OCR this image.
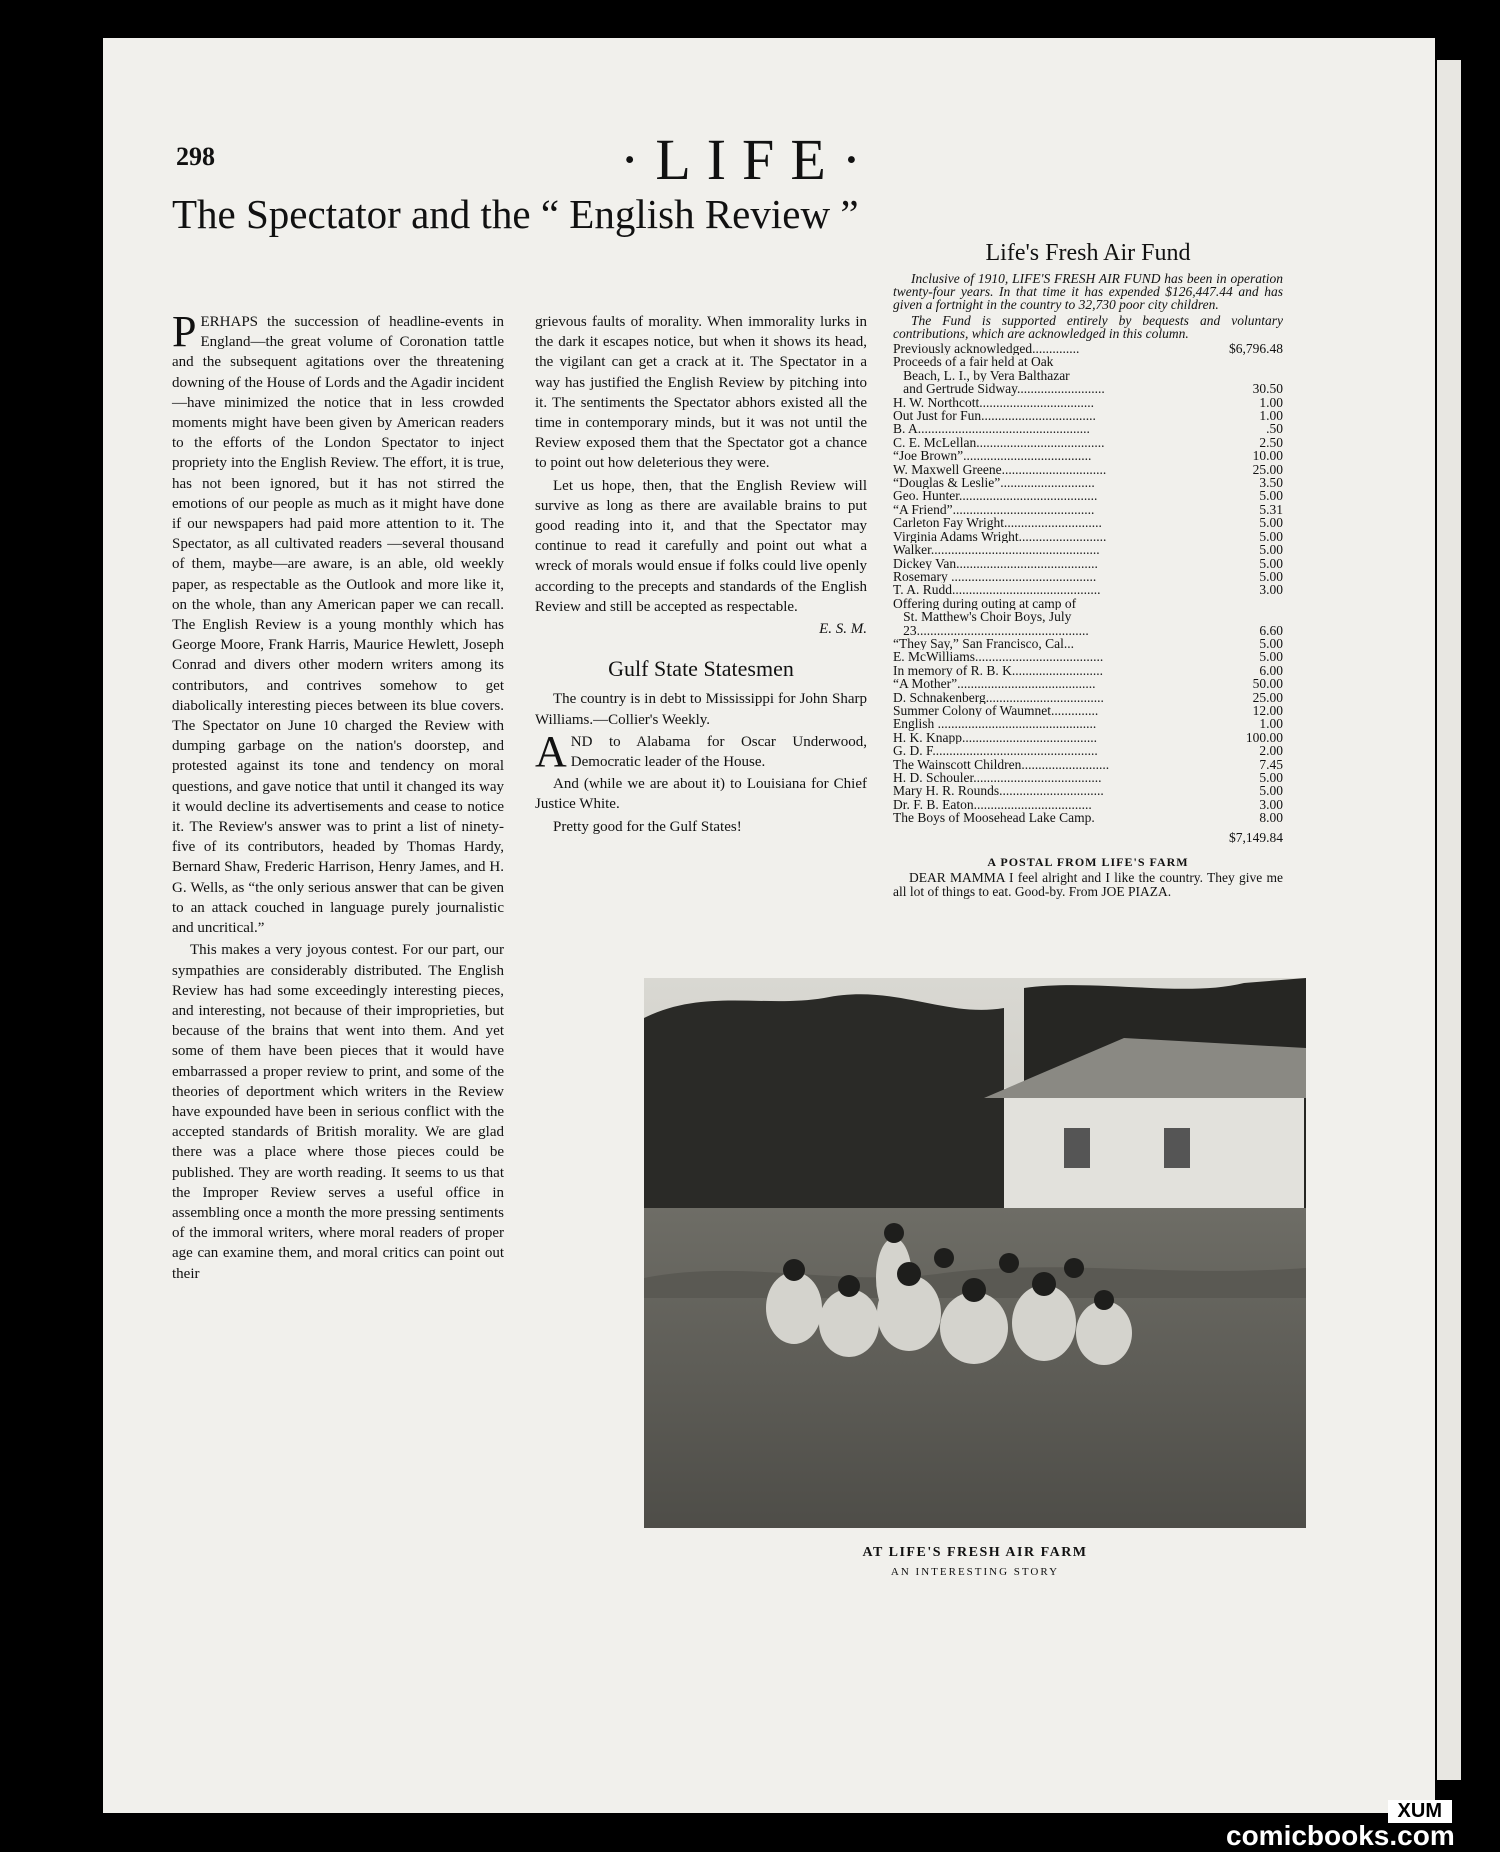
298	·LIFE·
The Spectator and the “ English Review ”

PERHAPS the succession of headline-events in England—the great volume of Coronation tattle and the subsequent agitations over the threatening downing of the House of Lords and the Agadir incident—have minimized the notice that in less crowded moments might have been given by American readers to the efforts of the London Spectator to inject propriety into the English Review. The effort, it is true, has not been ignored, but it has not stirred the emotions of our people as much as it might have done if our newspapers had paid more attention to it. The Spectator, as all cultivated readers —several thousand of them, maybe—are aware, is an able, old weekly paper, as respectable as the Outlook and more like it, on the whole, than any American paper we can recall. The English Review is a young monthly which has George Moore, Frank Harris, Maurice Hewlett, Joseph Conrad and divers other modern writers among its contributors, and contrives somehow to get diabolically interesting pieces between its blue covers. The Spectator on June 10 charged the Review with dumping garbage on the nation's doorstep, and protested against its tone and tendency on moral questions, and gave notice that until it changed its way it would decline its advertisements and cease to notice it. The Review's answer was to print a list of ninety-five of its contributors, headed by Thomas Hardy, Bernard Shaw, Frederic Harrison, Henry James, and H. G. Wells, as “the only serious answer that can be given to an attack couched in language purely journalistic and uncritical.”

This makes a very joyous contest. For our part, our sympathies are considerably distributed. The English Review has had some exceedingly interesting pieces, and interesting, not because of their improprieties, but because of the brains that went into them. And yet some of them have been pieces that it would have embarrassed a proper review to print, and some of the theories of deportment which writers in the Review have expounded have been in serious conflict with the accepted standards of British morality. We are glad there was a place where those pieces could be published. They are worth reading. It seems to us that the Improper Review serves a useful office in assembling once a month the more pressing sentiments of the immoral writers, where moral readers of proper age can examine them, and moral critics can point out their

grievous faults of morality. When immorality lurks in the dark it escapes notice, but when it shows its head, the vigilant can get a crack at it. The Spectator in a way has justified the English Review by pitching into it. The sentiments the Spectator abhors existed all the time in contemporary minds, but it was not until the Review exposed them that the Spectator got a chance to point out how deleterious they were.

Let us hope, then, that the English Review will survive as long as there are available brains to put good reading into it, and that the Spectator may continue to read it carefully and point out what a wreck of morals would ensue if folks could live openly according to the precepts and standards of the English Review and still be accepted as respectable.

E. S. M.
Gulf State Statesmen

The country is in debt to Mississippi for John Sharp Williams.—Collier's Weekly.

AND to Alabama for Oscar Underwood, Democratic leader of the House.

And (while we are about it) to Louisiana for Chief Justice White.

Pretty good for the Gulf States!

Life's Fresh Air Fund

Inclusive of 1910, LIFE'S FRESH AIR FUND has been in operation twenty-four years. In that time it has expended $126,447.44 and has given a fortnight in the country to 32,730 poor city children.

The Fund is supported entirely by bequests and voluntary contributions, which are acknowledged in this column.

Previously acknowledged..............	$6,796.48
Proceeds of a fair held at Oak
Beach, L. I., by Vera Balthazar
and Gertrude Sidway..........................	30.50
H. W. Northcott..................................	1.00
Out Just for Fun..................................	1.00
B. A...................................................	.50
C. E. McLellan......................................	2.50
“Joe Brown”......................................	10.00
W. Maxwell Greene...............................	25.00
“Douglas & Leslie”............................	3.50
Geo. Hunter.........................................	5.00
“A Friend”..........................................	5.31
Carleton Fay Wright.............................	5.00
Virginia Adams Wright..........................	5.00
Walker..................................................	5.00
Dickey Van..........................................	5.00
Rosemary ...........................................	5.00
T. A. Rudd............................................	3.00
Offering during outing at camp of
St. Matthew's Choir Boys, July
23...................................................	6.60
“They Say,” San Francisco, Cal...	5.00
E. McWilliams......................................	5.00
In memory of R. B. K...........................	6.00
“A Mother”.........................................	50.00
D. Schnakenberg...................................	25.00
Summer Colony of Waumnet..............	12.00
English ...............................................	1.00
H. K. Knapp........................................	100.00
G. D. F.................................................	2.00
The Wainscott Children..........................	7.45
H. D. Schouler......................................	5.00
Mary H. R. Rounds...............................	5.00
Dr. F. B. Eaton...................................	3.00
The Boys of Moosehead Lake Camp.	8.00
$7,149.84
A POSTAL FROM LIFE'S FARM
DEAR MAMMA I feel alright and I like the country. They give me all lot of things to eat. Good-by. From JOE PIAZA.
AT LIFE'S FRESH AIR FARM
AN INTERESTING STORY
XUM
comicbooks.com
